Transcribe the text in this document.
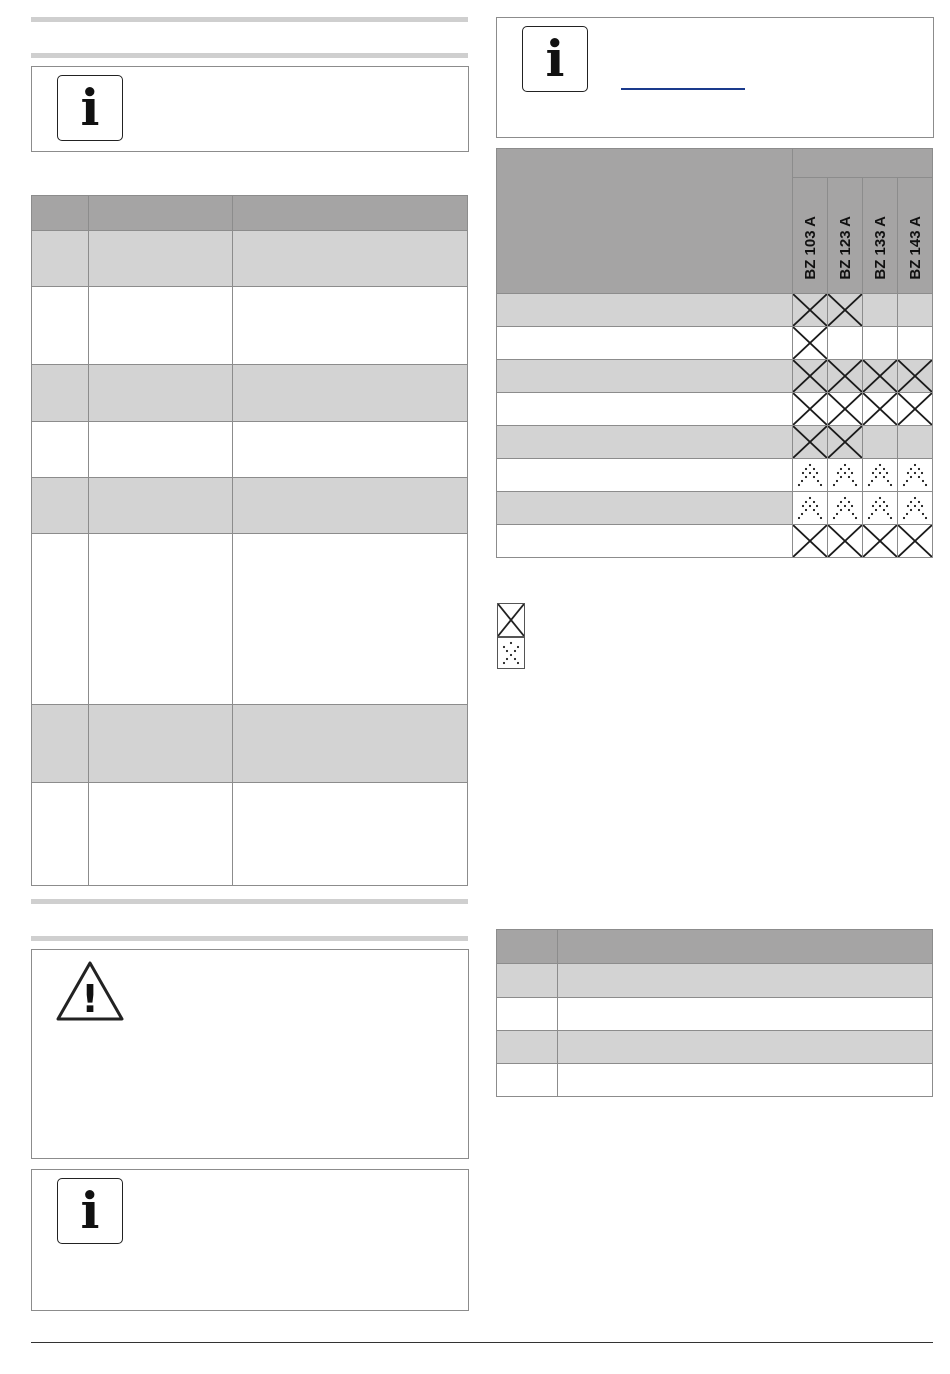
i

!
i
i

	BZ 103 A	BZ 123 A	BZ 133 A	BZ 143 A
